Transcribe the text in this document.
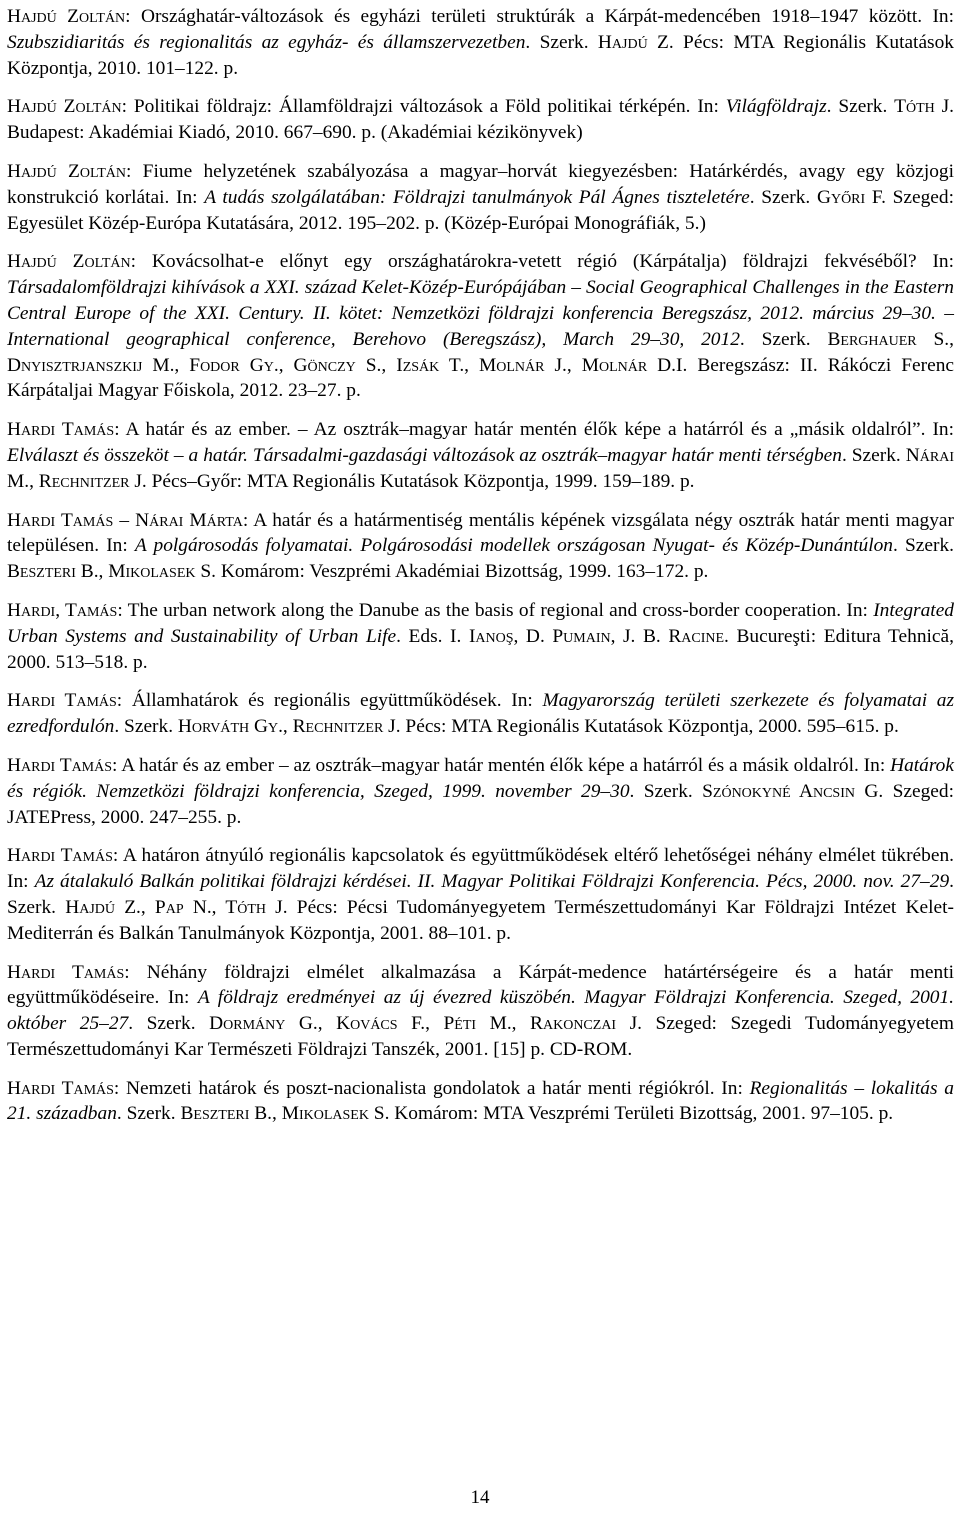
Hajdú Zoltán: Országhatár-változások és egyházi területi struktúrák a Kárpát-medencében 1918–1947 között. In: Szubszidiaritás és regionalitás az egyház- és államszervezetben. Szerk. Hajdú Z. Pécs: MTA Regionális Kutatások Központja, 2010. 101–122. p.

Hajdú Zoltán: Politikai földrajz: Államföldrajzi változások a Föld politikai térképén. In: Világföldrajz. Szerk. Tóth J. Budapest: Akadémiai Kiadó, 2010. 667–690. p. (Akadémiai kézikönyvek)

Hajdú Zoltán: Fiume helyzetének szabályozása a magyar–horvát kiegyezésben: Határkérdés, avagy egy közjogi konstrukció korlátai. In: A tudás szolgálatában: Földrajzi tanulmányok Pál Ágnes tiszteletére. Szerk. Győri F. Szeged: Egyesület Közép-Európa Kutatására, 2012. 195–202. p. (Közép-Európai Monográfiák, 5.)

Hajdú Zoltán: Kovácsolhat-e előnyt egy országhatárokra-vetett régió (Kárpátalja) földrajzi fekvéséből? In: Társadalomföldrajzi kihívások a XXI. század Kelet-Közép-Európájában – Social Geographical Challenges in the Eastern Central Europe of the XXI. Century. II. kötet: Nemzetközi földrajzi konferencia Beregszász, 2012. március 29–30. – International geographical conference, Berehovo (Beregszász), March 29–30, 2012. Szerk. Berghauer S., Dnyisztrjanszkij M., Fodor Gy., Gönczy S., Izsák T., Molnár J., Molnár D.I. Beregszász: II. Rákóczi Ferenc Kárpátaljai Magyar Főiskola, 2012. 23–27. p.

Hardi Tamás: A határ és az ember. – Az osztrák–magyar határ mentén élők képe a határról és a „másik oldalról”. In: Elválaszt és összeköt – a határ. Társadalmi-gazdasági változások az osztrák–magyar határ menti térségben. Szerk. Nárai M., Rechnitzer J. Pécs–Győr: MTA Regionális Kutatások Központja, 1999. 159–189. p.

Hardi Tamás – Nárai Márta: A határ és a határmentiség mentális képének vizsgálata négy osztrák határ menti magyar településen. In: A polgárosodás folyamatai. Polgárosodási modellek országosan Nyugat- és Közép-Dunántúlon. Szerk. Beszteri B., Mikolasek S. Komárom: Veszprémi Akadémiai Bizottság, 1999. 163–172. p.

Hardi, Tamás: The urban network along the Danube as the basis of regional and cross-border cooperation. In: Integrated Urban Systems and Sustainability of Urban Life. Eds. I. Ianoş, D. Pumain, J. B. Racine. Bucureşti: Editura Tehnică, 2000. 513–518. p.

Hardi Tamás: Államhatárok és regionális együttműködések. In: Magyarország területi szerkezete és folyamatai az ezredfordulón. Szerk. Horváth Gy., Rechnitzer J. Pécs: MTA Regionális Kutatások Központja, 2000. 595–615. p.

Hardi Tamás: A határ és az ember – az osztrák–magyar határ mentén élők képe a határról és a másik oldalról. In: Határok és régiók. Nemzetközi földrajzi konferencia, Szeged, 1999. november 29–30. Szerk. Szónokyné Ancsin G. Szeged: JATEPress, 2000. 247–255. p.

Hardi Tamás: A határon átnyúló regionális kapcsolatok és együttműködések eltérő lehetőségei néhány elmélet tükrében. In: Az átalakuló Balkán politikai földrajzi kérdései. II. Magyar Politikai Földrajzi Konferencia. Pécs, 2000. nov. 27–29. Szerk. Hajdú Z., Pap N., Tóth J. Pécs: Pécsi Tudományegyetem Természettudományi Kar Földrajzi Intézet Kelet-Mediterrán és Balkán Tanulmányok Központja, 2001. 88–101. p.

Hardi Tamás: Néhány földrajzi elmélet alkalmazása a Kárpát-medence határtérségeire és a határ menti együttműködéseire. In: A földrajz eredményei az új évezred küszöbén. Magyar Földrajzi Konferencia. Szeged, 2001. október 25–27. Szerk. Dormány G., Kovács F., Péti M., Rakonczai J. Szeged: Szegedi Tudományegyetem Természettudományi Kar Természeti Földrajzi Tanszék, 2001. [15] p. CD-ROM.

Hardi Tamás: Nemzeti határok és poszt-nacionalista gondolatok a határ menti régiókról. In: Regionalitás – lokalitás a 21. században. Szerk. Beszteri B., Mikolasek S. Komárom: MTA Veszprémi Területi Bizottság, 2001. 97–105. p.

14
